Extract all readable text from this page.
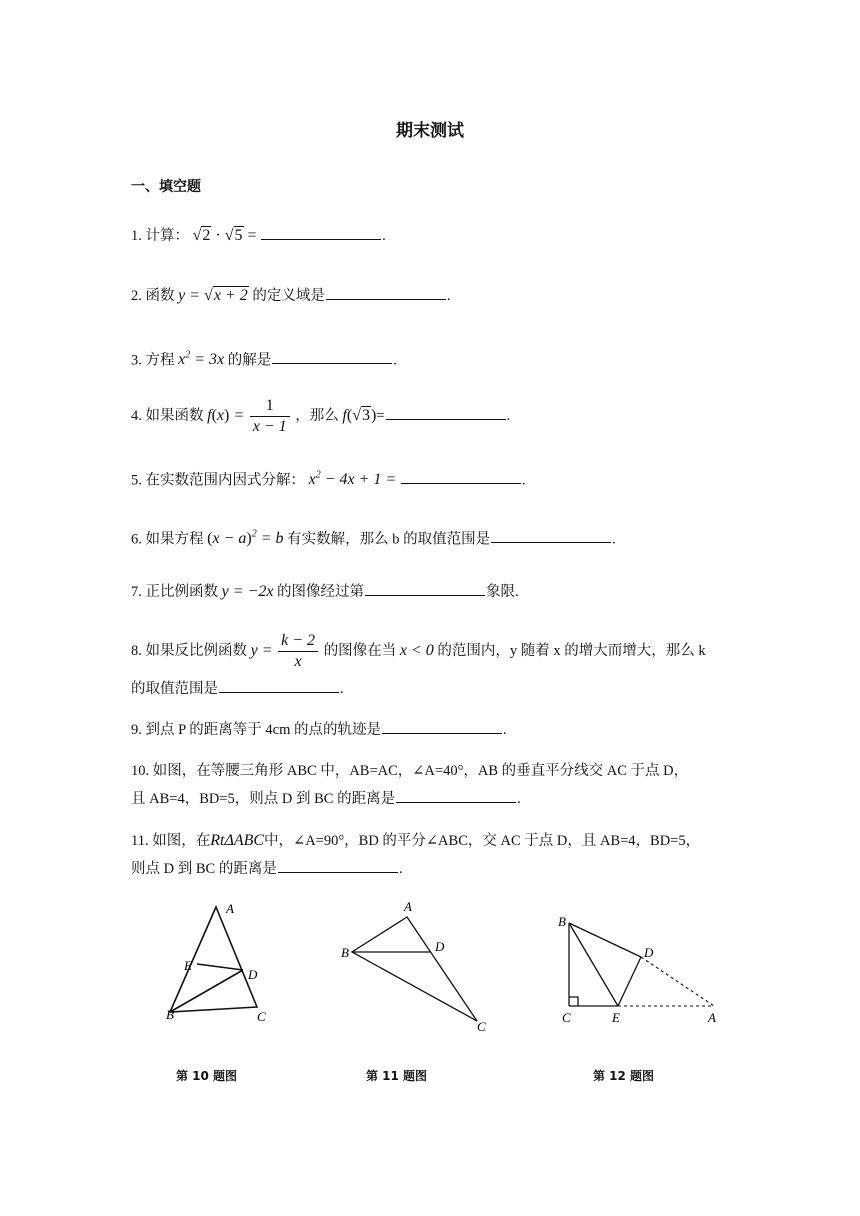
期末测试
一、填空题
1. 计算： √2 · √5 =	.
2. 函数 y = √x + 2 的定义域是	.
3. 方程 $x^2 = 3x$ 的解是	.
4. 如果函数 $f(x) = \frac{1}{x - 1}$ ，那么 f(√3)=	.
5. 在实数范围内因式分解： $x^2 - 4x + 1$ =	.
6. 如果方程 $(x - a)^2 = b$ 有实数解，那么 b 的取值范围是	.
7. 正比例函数 y = −2x 的图像经过第	象限.
8. 如果反比例函数 $y = \frac{k - 2}{x}$ 的图像在当 x < 0 的范围内，y 随着 x 的增大而增大，那么 k
的取值范围是	.
9. 到点 P 的距离等于 4cm 的点的轨迹是	.
10. 如图，在等腰三角形 ABC 中，AB=AC，∠A=40°，AB 的垂直平分线交 AC 于点 D，
且 AB=4，BD=5，则点 D 到 BC 的距离是	.
11. 如图，在RtΔABC中，∠A=90°，BD 的平分∠ABC，交 AC 于点 D，且 AB=4，BD=5，
则点 D 到 BC 的距离是	.
A
E
D
B	C
A
B	D
C
B
D
C	E	A
第 10 题图	第 11 题图	第 12 题图
